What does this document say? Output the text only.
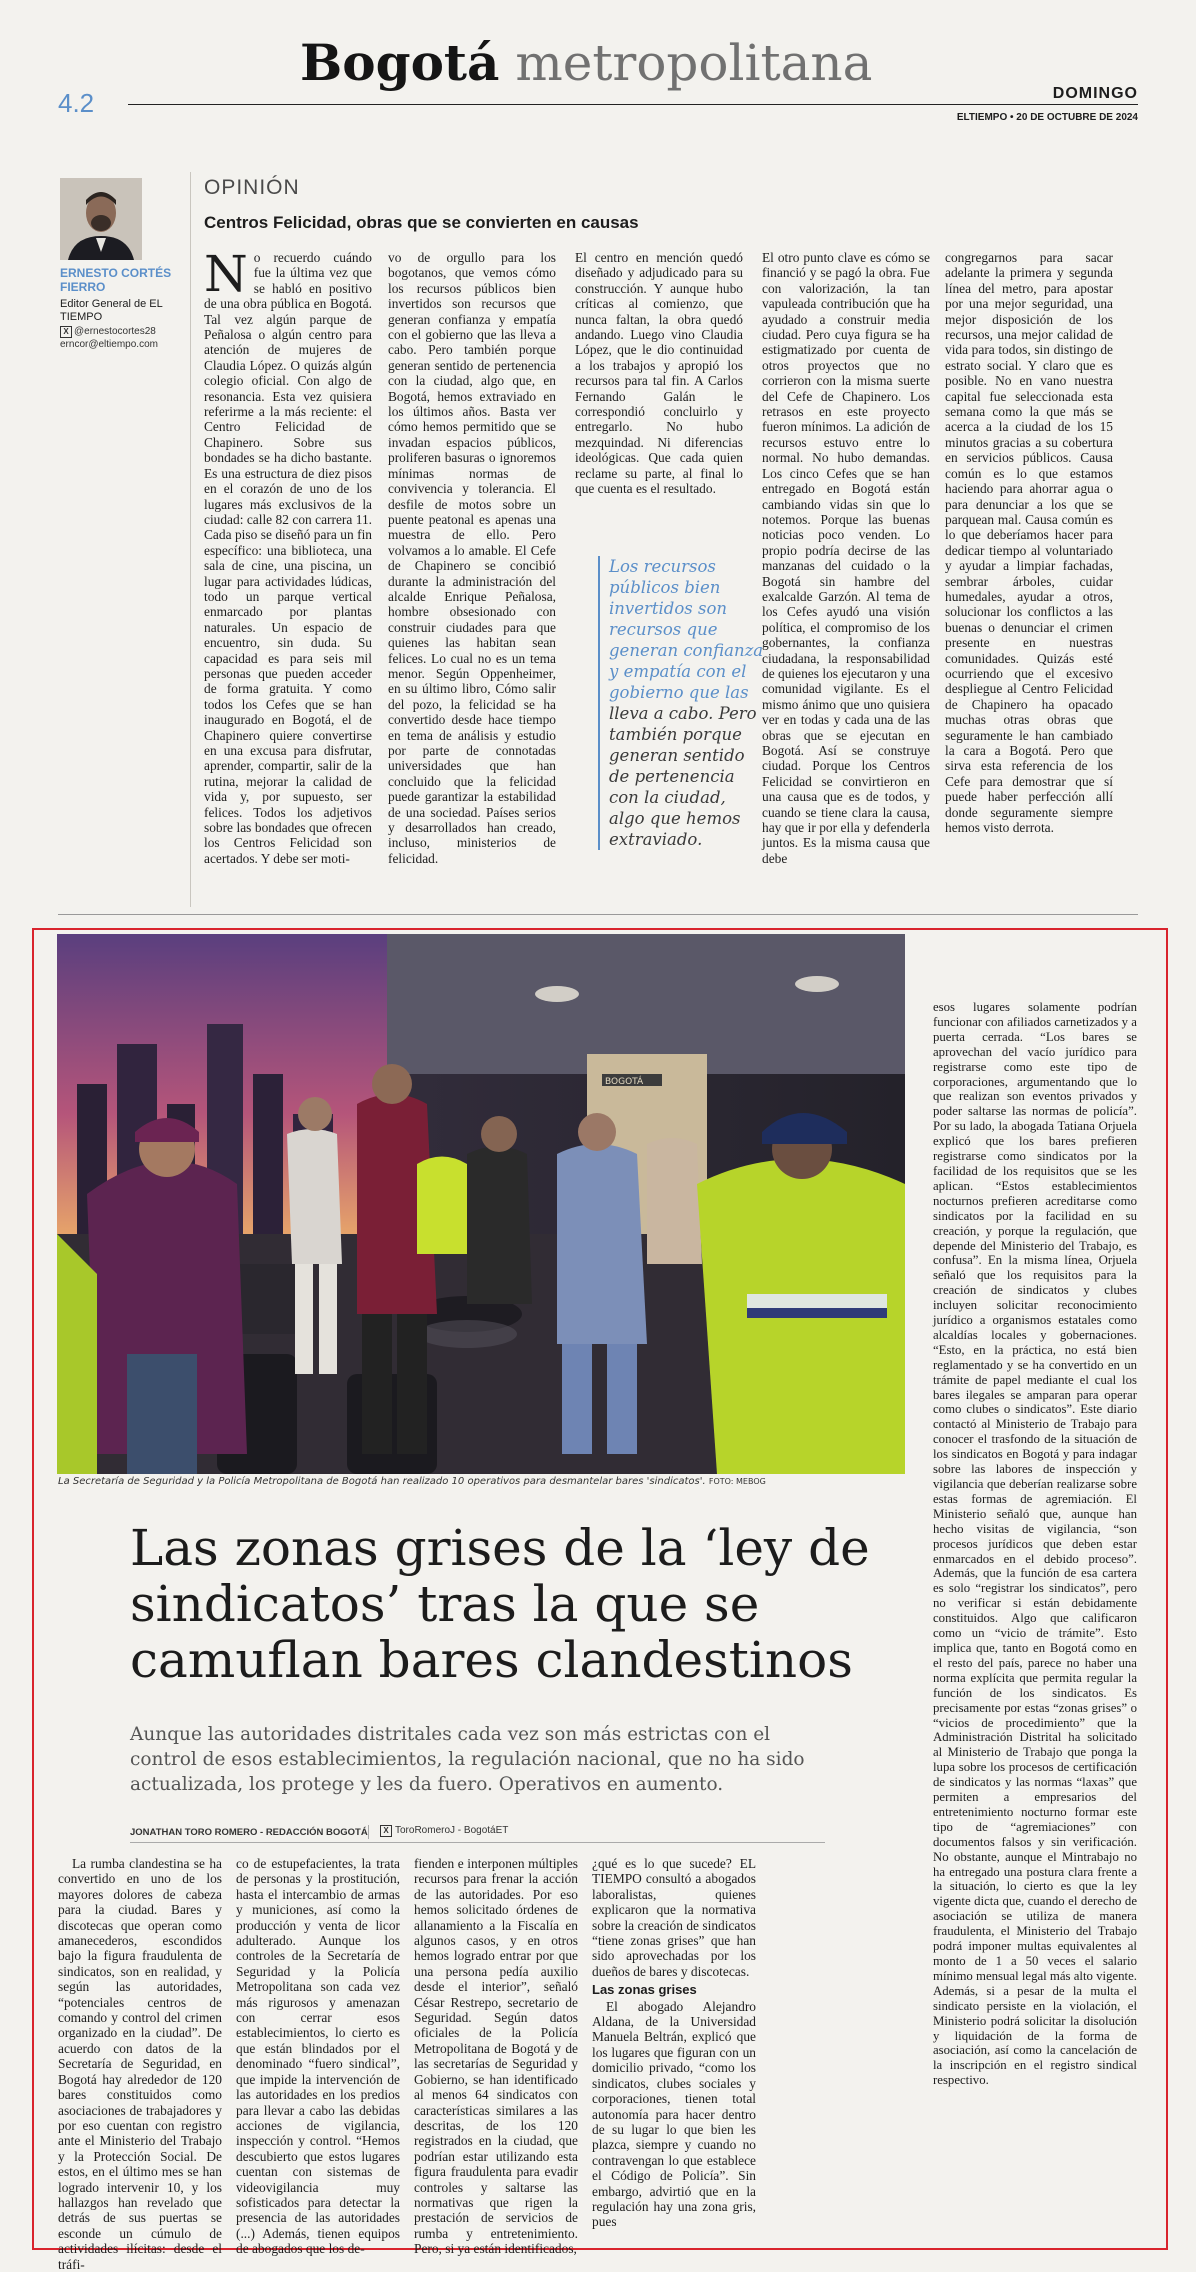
4.2
Bogotá metropolitana
DOMINGO
ELTIEMPO • 20 DE OCTUBRE DE 2024
ERNESTO CORTÉS FIERRO
Editor General de EL TIEMPO
X @ernestocortes28
erncor@eltiempo.com
OPINIÓN
Centros Felicidad, obras que se convierten en causas
No recuerdo cuándo fue la última vez que se habló en positivo de una obra pública en Bogotá. Tal vez algún parque de Peñalosa o algún centro para atención de mujeres de Claudia López. O quizás algún colegio oficial. Con algo de resonancia. Esta vez quisiera referirme a la más reciente: el Centro Felicidad de Chapinero. Sobre sus bondades se ha dicho bastante. Es una estructura de diez pisos en el corazón de uno de los lugares más exclusivos de la ciudad: calle 82 con carrera 11. Cada piso se diseñó para un fin específico: una biblioteca, una sala de cine, una piscina, un lugar para actividades lúdicas, todo un parque vertical enmarcado por plantas naturales. Un espacio de encuentro, sin duda. Su capacidad es para seis mil personas que pueden acceder de forma gratuita. Y como todos los Cefes que se han inaugurado en Bogotá, el de Chapinero quiere convertirse en una excusa para disfrutar, aprender, compartir, salir de la rutina, mejorar la calidad de vida y, por supuesto, ser felices. Todos los adjetivos sobre las bondades que ofrecen los Centros Felicidad son acertados. Y debe ser moti-
vo de orgullo para los bogotanos, que vemos cómo los recursos públicos bien invertidos son recursos que generan confianza y empatía con el gobierno que las lleva a cabo. Pero también porque generan sentido de pertenencia con la ciudad, algo que, en Bogotá, hemos extraviado en los últimos años. Basta ver cómo hemos permitido que se invadan espacios públicos, proliferen basuras o ignoremos mínimas normas de convivencia y tolerancia. El desfile de motos sobre un puente peatonal es apenas una muestra de ello. Pero volvamos a lo amable. El Cefe de Chapinero se concibió durante la administración del alcalde Enrique Peñalosa, hombre obsesionado con construir ciudades para que quienes las habitan sean felices. Lo cual no es un tema menor. Según Oppenheimer, en su último libro, Cómo salir del pozo, la felicidad se ha convertido desde hace tiempo en tema de análisis y estudio por parte de connotadas universidades que han concluido que la felicidad puede garantizar la estabilidad de una sociedad. Países serios y desarrollados han creado, incluso, ministerios de felicidad.
El centro en mención quedó diseñado y adjudicado para su construcción. Y aunque hubo críticas al comienzo, que nunca faltan, la obra quedó andando. Luego vino Claudia López, que le dio continuidad a los trabajos y apropió los recursos para tal fin. A Carlos Fernando Galán le correspondió concluirlo y entregarlo. No hubo mezquindad. Ni diferencias ideológicas. Que cada quien reclame su parte, al final lo que cuenta es el resultado.
Los recursos públicos bien invertidos son recursos que generan confianza y empatía con el gobierno que las lleva a cabo. Pero también porque generan sentido de pertenencia con la ciudad, algo que hemos extraviado.
El otro punto clave es cómo se financió y se pagó la obra. Fue con valorización, la tan vapuleada contribución que ha ayudado a construir media ciudad. Pero cuya figura se ha estigmatizado por cuenta de otros proyectos que no corrieron con la misma suerte del Cefe de Chapinero. Los retrasos en este proyecto fueron mínimos. La adición de recursos estuvo entre lo normal. No hubo demandas. Los cinco Cefes que se han entregado en Bogotá están cambiando vidas sin que lo notemos. Porque las buenas noticias poco venden. Lo propio podría decirse de las manzanas del cuidado o la Bogotá sin hambre del exalcalde Garzón. Al tema de los Cefes ayudó una visión política, el compromiso de los gobernantes, la confianza ciudadana, la responsabilidad de quienes los ejecutaron y una comunidad vigilante. Es el mismo ánimo que uno quisiera ver en todas y cada una de las obras que se ejecutan en Bogotá. Así se construye ciudad. Porque los Centros Felicidad se convirtieron en una causa que es de todos, y cuando se tiene clara la causa, hay que ir por ella y defenderla juntos. Es la misma causa que debe
congregarnos para sacar adelante la primera y segunda línea del metro, para apostar por una mejor seguridad, una mejor disposición de los recursos, una mejor calidad de vida para todos, sin distingo de estrato social. Y claro que es posible. No en vano nuestra capital fue seleccionada esta semana como la que más se acerca a la ciudad de los 15 minutos gracias a su cobertura en servicios públicos. Causa común es lo que estamos haciendo para ahorrar agua o para denunciar a los que se parquean mal. Causa común es lo que deberíamos hacer para dedicar tiempo al voluntariado y ayudar a limpiar fachadas, sembrar árboles, cuidar humedales, ayudar a otros, solucionar los conflictos a las buenas o denunciar el crimen presente en nuestras comunidades. Quizás esté ocurriendo que el excesivo despliegue al Centro Felicidad de Chapinero ha opacado muchas otras obras que seguramente le han cambiado la cara a Bogotá. Pero que sirva esta referencia de los Cefe para demostrar que sí puede haber perfección allí donde seguramente siempre hemos visto derrota.
BOGOTÁ
La Secretaría de Seguridad y la Policía Metropolitana de Bogotá han realizado 10 operativos para desmantelar bares 'sindicatos'. FOTO: MEBOG
Las zonas grises de la ‘ley de sindicatos’ tras la que se camuflan bares clandestinos
Aunque las autoridades distritales cada vez son más estrictas con el control de esos establecimientos, la regulación nacional, que no ha sido actualizada, los protege y les da fuero. Operativos en aumento.
JONATHAN TORO ROMERO - REDACCIÓN BOGOTÁ	X ToroRomeroJ - BogotáET

La rumba clandestina se ha convertido en uno de los mayores dolores de cabeza para la ciudad. Bares y discotecas que operan como amanecederos, escondidos bajo la figura fraudulenta de sindicatos, son en realidad, y según las autoridades, “potenciales centros de comando y control del crimen organizado en la ciudad”. De acuerdo con datos de la Secretaría de Seguridad, en Bogotá hay alrededor de 120 bares constituidos como asociaciones de trabajadores y por eso cuentan con registro ante el Ministerio del Trabajo y la Protección Social. De estos, en el último mes se han logrado intervenir 10, y los hallazgos han revelado que detrás de sus puertas se esconde un cúmulo de actividades ilícitas: desde el tráfi-

co de estupefacientes, la trata de personas y la prostitución, hasta el intercambio de armas y municiones, así como la producción y venta de licor adulterado. Aunque los controles de la Secretaría de Seguridad y la Policía Metropolitana son cada vez más rigurosos y amenazan con cerrar esos establecimientos, lo cierto es que están blindados por el denominado “fuero sindical”, que impide la intervención de las autoridades en los predios para llevar a cabo las debidas acciones de vigilancia, inspección y control. “Hemos descubierto que estos lugares cuentan con sistemas de videovigilancia muy sofisticados para detectar la presencia de las autoridades (...) Además, tienen equipos de abogados que los de-
fienden e interponen múltiples recursos para frenar la acción de las autoridades. Por eso hemos solicitado órdenes de allanamiento a la Fiscalía en algunos casos, y en otros hemos logrado entrar por que una persona pedía auxilio desde el interior”, señaló César Restrepo, secretario de Seguridad. Según datos oficiales de la Policía Metropolitana de Bogotá y de las secretarías de Seguridad y Gobierno, se han identificado al menos 64 sindicatos con características similares a las descritas, de los 120 registrados en la ciudad, que podrían estar utilizando esta figura fraudulenta para evadir controles y saltarse las normativas que rigen la prestación de servicios de rumba y entretenimiento. Pero, si ya están identificados,

¿qué es lo que sucede? EL TIEMPO consultó a abogados laboralistas, quienes explicaron que la normativa sobre la creación de sindicatos “tiene zonas grises” que han sido aprovechadas por los dueños de bares y discotecas.

Las zonas grises

El abogado Alejandro Aldana, de la Universidad Manuela Beltrán, explicó que los lugares que figuran con un domicilio privado, “como los sindicatos, clubes sociales y corporaciones, tienen total autonomía para hacer dentro de su lugar lo que bien les plazca, siempre y cuando no contravengan lo que establece el Código de Policía”. Sin embargo, advirtió que en la regulación hay una zona gris, pues

esos lugares solamente podrían funcionar con afiliados carnetizados y a puerta cerrada. “Los bares se aprovechan del vacío jurídico para registrarse como este tipo de corporaciones, argumentando que lo que realizan son eventos privados y poder saltarse las normas de policía”. Por su lado, la abogada Tatiana Orjuela explicó que los bares prefieren registrarse como sindicatos por la facilidad de los requisitos que se les aplican. “Estos establecimientos nocturnos prefieren acreditarse como sindicatos por la facilidad en su creación, y porque la regulación, que depende del Ministerio del Trabajo, es confusa”. En la misma línea, Orjuela señaló que los requisitos para la creación de sindicatos y clubes incluyen solicitar reconocimiento jurídico a organismos estatales como alcaldías locales y gobernaciones. “Esto, en la práctica, no está bien reglamentado y se ha convertido en un trámite de papel mediante el cual los bares ilegales se amparan para operar como clubes o sindicatos”. Este diario contactó al Ministerio de Trabajo para conocer el trasfondo de la situación de los sindicatos en Bogotá y para indagar sobre las labores de inspección y vigilancia que deberían realizarse sobre estas formas de agremiación. El Ministerio señaló que, aunque han hecho visitas de vigilancia, “son procesos jurídicos que deben estar enmarcados en el debido proceso”. Además, que la función de esa cartera es solo “registrar los sindicatos”, pero no verificar si están debidamente constituidos. Algo que calificaron como un “vicio de trámite”. Esto implica que, tanto en Bogotá como en el resto del país, parece no haber una norma explícita que permita regular la función de los sindicatos. Es precisamente por estas “zonas grises” o “vicios de procedimiento” que la Administración Distrital ha solicitado al Ministerio de Trabajo que ponga la lupa sobre los procesos de certificación de sindicatos y las normas “laxas” que permiten a empresarios del entretenimiento nocturno formar este tipo de “agremiaciones” con documentos falsos y sin verificación. No obstante, aunque el Mintrabajo no ha entregado una postura clara frente a la situación, lo cierto es que la ley vigente dicta que, cuando el derecho de asociación se utiliza de manera fraudulenta, el Ministerio del Trabajo podrá imponer multas equivalentes al monto de 1 a 50 veces el salario mínimo mensual legal más alto vigente. Además, si a pesar de la multa el sindicato persiste en la violación, el Ministerio podrá solicitar la disolución y liquidación de la forma de asociación, así como la cancelación de la inscripción en el registro sindical respectivo.
